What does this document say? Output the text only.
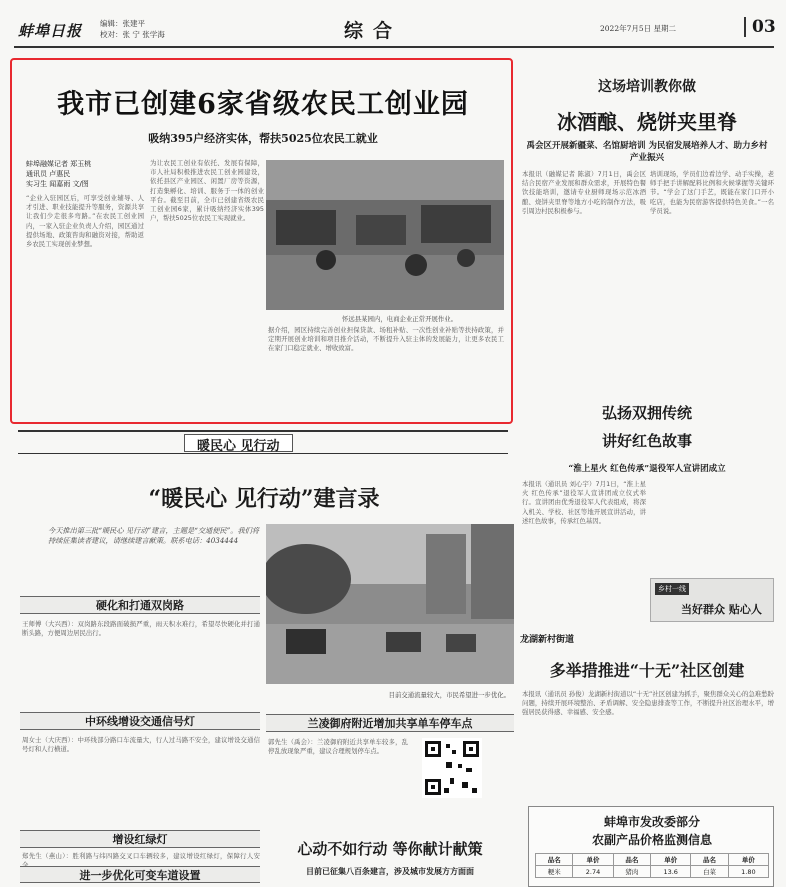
蚌埠日报 编辑：张建平
校对：张 宁 张学海	综合	2022年7月5日 星期二	03
我市已创建6家省级农民工创业园
吸纳395户经济实体，帮扶5025位农民工就业
蚌埠融媒记者 郑玉桃
通讯员 卢惠民
实习生 闻嘉雨 文/图
“企业入驻园区后，可享受创业辅导、人才引进、职业技能提升等服务，资源共享让我们少走很多弯路。”在农民工创业园内，一家入驻企业负责人介绍，园区通过提供场地、政策咨询和融资对接，帮助返乡农民工实现创业梦想。
为让农民工创业有依托、发展有保障，市人社局积极推进农民工创业园建设，依托县区产业园区、闲置厂房等资源，打造集孵化、培训、服务于一体的创业平台。截至目前，全市已创建省级农民工创业园6家，累计吸纳经济实体395户，帮扶5025位农民工实现就业。
怀远县某园内，电商企业正常开展作业。
据介绍，园区持续完善创业担保贷款、场租补贴、一次性创业补贴等扶持政策，并定期开展创业培训和项目推介活动，不断提升入驻主体的发展能力，让更多农民工在家门口稳定就业、增收致富。
这场培训教你做
冰酒酿、烧饼夹里脊
禹会区开展新疆菜、名馆厨培训 为民宿发展培养人才、助力乡村产业振兴
本报讯（融媒记者 陈淑）7月1日，禹会区结合民宿产业发展和群众需求，开展特色餐饮技能培训，邀请专业厨师现场示范冰酒酿、烧饼夹里脊等地方小吃的制作方法，吸引周边村民积极参与。
培训现场，学员们边看边学、动手实操，老师手把手讲解配料比例和火候掌握等关键环节。“学会了这门手艺，既能在家门口开小吃店，也能为民宿游客提供特色美食。”一名学员说。
弘扬双拥传统
讲好红色故事
“淮上星火 红色传承”退役军人宣讲团成立
本报讯（通讯员 刘心宇）7月1日，“淮上星火 红色传承”退役军人宣讲团成立仪式举行。宣讲团由优秀退役军人代表组成，将深入机关、学校、社区等地开展宣讲活动，讲述红色故事，传承红色基因。
乡村一线
当好群众 贴心人
龙湖新村街道
多举措推进“十无”社区创建
本报讯（通讯员 孙俊）龙湖新村街道以“十无”社区创建为抓手，聚焦群众关心的急难愁盼问题，持续开展环境整治、矛盾调解、安全隐患排查等工作，不断提升社区治理水平，增强居民获得感、幸福感、安全感。
暖民心 见行动
“暖民心 见行动”建言录
今天推出第三批“暖民心 见行动”建言，主题是“交通便民”。我们将持续征集读者建议，请继续建言献策。联系电话：4034444
目前交通流量较大，市民希望进一步优化。
硬化和打通双岗路
王师傅（大兴西）：双岗路东段路面破损严重，雨天积水难行，希望尽快硬化并打通断头路，方便周边居民出行。
中环线增设交通信号灯
周女士（大庆西）：中环线部分路口车流量大，行人过马路不安全，建议增设交通信号灯和人行横道。
增设红绿灯
郑先生（燕山）：胜利路与纬四路交叉口车辆较多，建议增设红绿灯，保障行人安
进一步优化可变车道设置
兰凌御府附近增加共享单车停车点
郭先生（禹会）：兰凌御府附近共享单车较多，乱停乱放现象严重，建议合理规划停车点。
心动不如行动 等你献计献策
目前已征集八百条建言，涉及城市发展方方面面
蚌埠市发改委部分
农副产品价格监测信息
品名	单价	品名	单价	品名	单价
粳米	2.74	猪肉	13.6	白菜	1.80
